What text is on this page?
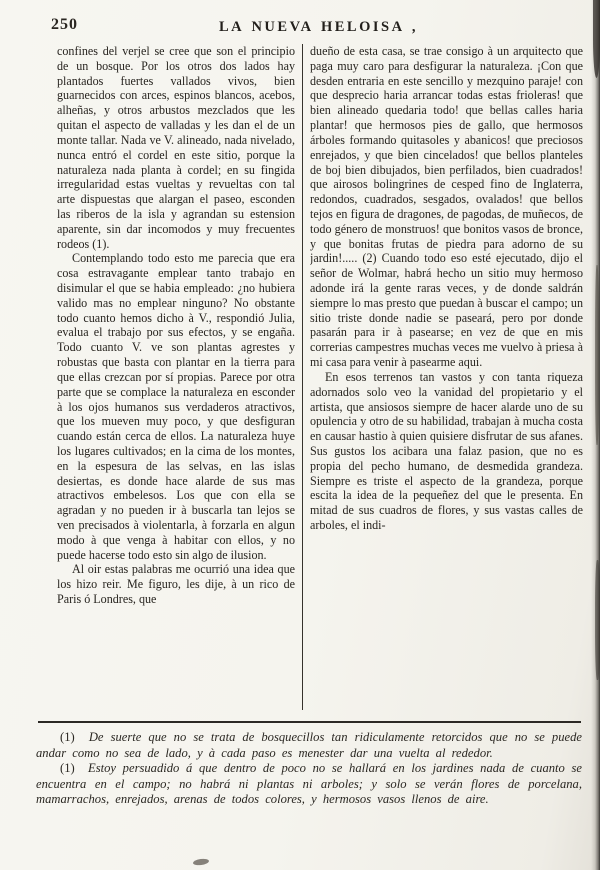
250	LA NUEVA HELOISA ,

confines del verjel se cree que son el principio de un bosque. Por los otros dos lados hay plantados fuertes vallados vivos, bien guarnecidos con arces, espinos blancos, acebos, alheñas, y otros arbustos mezclados que les quitan el aspecto de valladas y les dan el de un monte tallar. Nada ve V. alineado, nada nivelado, nunca entró el cordel en este sitio, porque la naturaleza nada planta à cordel; en su fingida irregularidad estas vueltas y revueltas con tal arte dispuestas que alargan el paseo, esconden las riberos de la isla y agrandan su estension aparente, sin dar incomodos y muy frecuentes rodeos (1).

Contemplando todo esto me parecia que era cosa estravagante emplear tanto trabajo en disimular el que se habia empleado: ¿no hubiera valido mas no emplear ninguno? No obstante todo cuanto hemos dicho à V., respondió Julia, evalua el trabajo por sus efectos, y se engaña. Todo cuanto V. ve son plantas agrestes y robustas que basta con plantar en la tierra para que ellas crezcan por sí propias. Parece por otra parte que se complace la naturaleza en esconder à los ojos humanos sus verdaderos atractivos, que los mueven muy poco, y que desfiguran cuando están cerca de ellos. La naturaleza huye los lugares cultivados; en la cima de los montes, en la espesura de las selvas, en las islas desiertas, es donde hace alarde de sus mas atractivos embelesos. Los que con ella se agradan y no pueden ir à buscarla tan lejos se ven precisados à violentarla, à forzarla en algun modo à que venga à habitar con ellos, y no puede hacerse todo esto sin algo de ilusion.

Al oir estas palabras me ocurrió una idea que los hizo reir. Me figuro, les dije, à un rico de Paris ó Londres, que

dueño de esta casa, se trae consigo à un arquitecto que paga muy caro para desfigurar la naturaleza. ¡Con que desden entraria en este sencillo y mezquino paraje! con que desprecio haria arrancar todas estas frioleras! que bien alineado quedaria todo! que bellas calles haria plantar! que hermosos pies de gallo, que hermosos árboles formando quitasoles y abanicos! que preciosos enrejados, y que bien cincelados! que bellos planteles de boj bien dibujados, bien perfilados, bien cuadrados! que airosos bolingrines de cesped fino de Inglaterra, redondos, cuadrados, sesgados, ovalados! que bellos tejos en figura de dragones, de pagodas, de muñecos, de todo género de monstruos! que bonitos vasos de bronce, y que bonitas frutas de piedra para adorno de su jardin!..... (2) Cuando todo eso esté ejecutado, dijo el señor de Wolmar, habrá hecho un sitio muy hermoso adonde irá la gente raras veces, y de donde saldrán siempre lo mas presto que puedan à buscar el campo; un sitio triste donde nadie se paseará, pero por donde pasarán para ir à pasearse; en vez de que en mis correrias campestres muchas veces me vuelvo à priesa à mi casa para venir à pasearme aqui.

En esos terrenos tan vastos y con tanta riqueza adornados solo veo la vanidad del propietario y el artista, que ansiosos siempre de hacer alarde uno de su opulencia y otro de su habilidad, trabajan à mucha costa en causar hastio à quien quisiere disfrutar de sus afanes. Sus gustos los acibara una falaz pasion, que no es propia del pecho humano, de desmedida grandeza. Siempre es triste el aspecto de la grandeza, porque escita la idea de la pequeñez del que le presenta. En mitad de sus cuadros de flores, y sus vastas calles de arboles, el indi-

(1) De suerte que no se trata de bosquecillos tan ridiculamente retorcidos que no se puede andar como no sea de lado, y à cada paso es menester dar una vuelta al rededor.

(1) Estoy persuadido á que dentro de poco no se hallará en los jardines nada de cuanto se encuentra en el campo; no habrá ni plantas ni arboles; y solo se verán flores de porcelana, mamarrachos, enrejados, arenas de todos colores, y hermosos vasos llenos de aire.
